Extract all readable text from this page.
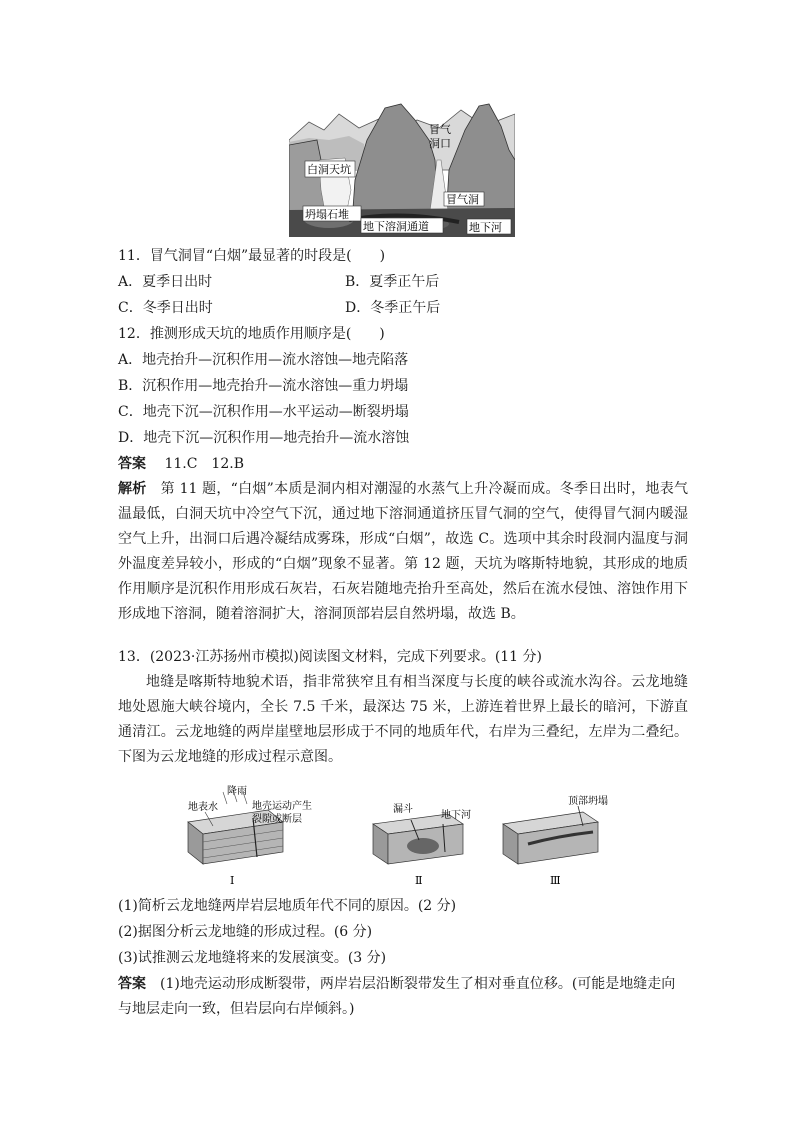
白洞天坑
冒气
洞口
冒气洞
坍塌石堆
地下溶洞通道	地下河
11．冒气洞冒“白烟”最显著的时段是(　　)
A．夏季日出时	B．夏季正午后
C．冬季日出时	D．冬季正午后
12．推测形成天坑的地质作用顺序是(　　)
A．地壳抬升—沉积作用—流水溶蚀—地壳陷落
B．沉积作用—地壳抬升—流水溶蚀—重力坍塌
C．地壳下沉—沉积作用—水平运动—断裂坍塌
D．地壳下沉—沉积作用—地壳抬升—流水溶蚀
答案 11.C　12.B

解析 第 11 题，“白烟”本质是洞内相对潮湿的水蒸气上升冷凝而成。冬季日出时，地表气温最低，白洞天坑中冷空气下沉，通过地下溶洞通道挤压冒气洞的空气，使得冒气洞内暖湿空气上升，出洞口后遇冷凝结成雾珠，形成“白烟”，故选 C。选项中其余时段洞内温度与洞外温度差异较小，形成的“白烟”现象不显著。第 12 题，天坑为喀斯特地貌，其形成的地质作用顺序是沉积作用形成石灰岩，石灰岩随地壳抬升至高处，然后在流水侵蚀、溶蚀作用下形成地下溶洞，随着溶洞扩大，溶洞顶部岩层自然坍塌，故选 B。

13．(2023·江苏扬州市模拟)阅读图文材料，完成下列要求。(11 分)

地缝是喀斯特地貌术语，指非常狭窄且有相当深度与长度的峡谷或流水沟谷。云龙地缝地处恩施大峡谷境内，全长 7.5 千米，最深达 75 米，上游连着世界上最长的暗河，下游直通清江。云龙地缝的两岸崖壁地层形成于不同的地质年代，右岸为三叠纪，左岸为二叠纪。下图为云龙地缝的形成过程示意图。

地表水
降雨
地壳运动产生
裂隙或断层
Ⅰ
漏斗
地下河
Ⅱ
顶部坍塌
Ⅲ
(1)简析云龙地缝两岸岩层地质年代不同的原因。(2 分)
(2)据图分析云龙地缝的形成过程。(6 分)
(3)试推测云龙地缝将来的发展演变。(3 分)
答案 (1)地壳运动形成断裂带，两岸岩层沿断裂带发生了相对垂直位移。(可能是地缝走向与地层走向一致，但岩层向右岸倾斜。)
